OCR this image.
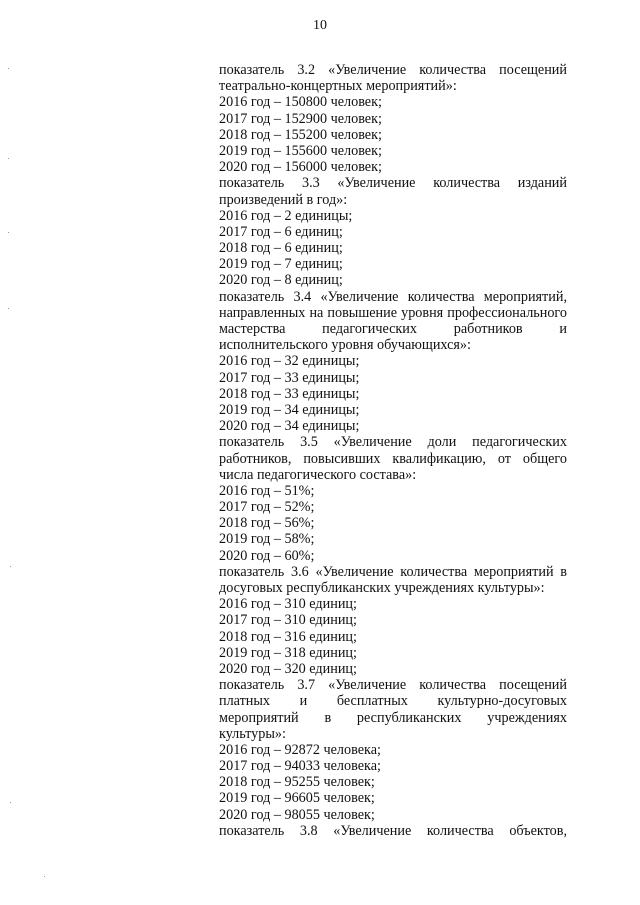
10
показатель 3.2 «Увеличение количества посещений
театрально-концертных мероприятий»:
2016 год – 150800 человек;
2017 год – 152900 человек;
2018 год – 155200 человек;
2019 год – 155600 человек;
2020 год – 156000 человек;
показатель 3.3 «Увеличение количества изданий
произведений в год»:
2016 год – 2 единицы;
2017 год – 6 единиц;
2018 год – 6 единиц;
2019 год – 7 единиц;
2020 год – 8 единиц;
показатель 3.4 «Увеличение количества мероприятий,
направленных на повышение уровня профессионального
мастерства педагогических работников и
исполнительского уровня обучающихся»:
2016 год – 32 единицы;
2017 год – 33 единицы;
2018 год – 33 единицы;
2019 год – 34 единицы;
2020 год – 34 единицы;
показатель 3.5 «Увеличение доли педагогических
работников, повысивших квалификацию, от общего
числа педагогического состава»:
2016 год – 51%;
2017 год – 52%;
2018 год – 56%;
2019 год – 58%;
2020 год – 60%;
показатель 3.6 «Увеличение количества мероприятий в
досуговых республиканских учреждениях культуры»:
2016 год – 310 единиц;
2017 год – 310 единиц;
2018 год – 316 единиц;
2019 год – 318 единиц;
2020 год – 320 единиц;
показатель 3.7 «Увеличение количества посещений
платных и бесплатных культурно-досуговых
мероприятий в республиканских учреждениях
культуры»:
2016 год – 92872 человека;
2017 год – 94033 человека;
2018 год – 95255 человек;
2019 год – 96605 человек;
2020 год – 98055 человек;
показатель 3.8 «Увеличение количества объектов,
